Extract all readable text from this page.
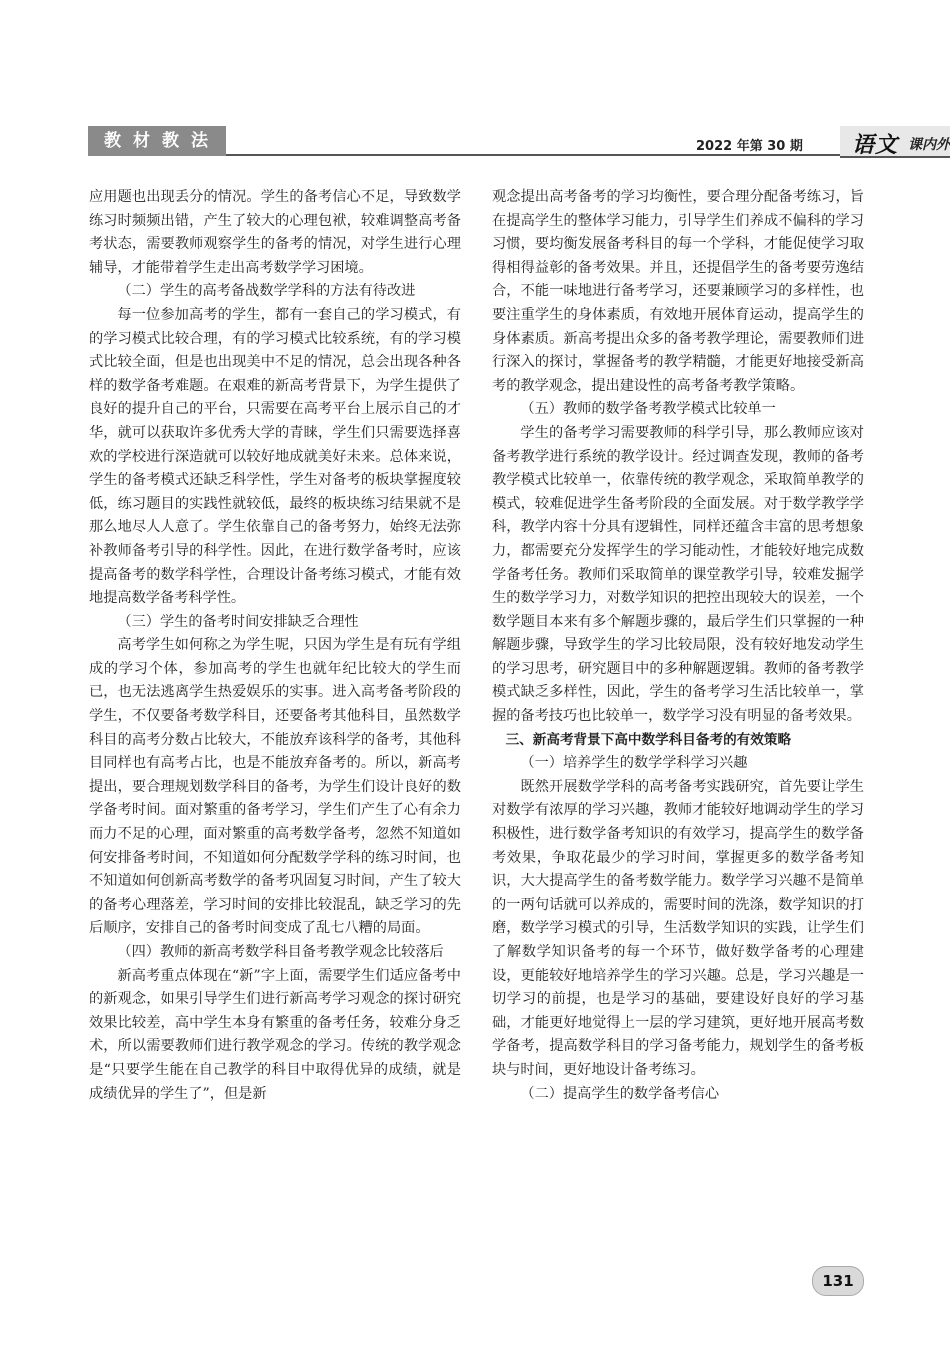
教材教法	2022 年第 30 期 语文 课内外

应用题也出现丢分的情况。学生的备考信心不足，导致数学练习时频频出错，产生了较大的心理包袱，较难调整高考备考状态，需要教师观察学生的备考的情况，对学生进行心理辅导，才能带着学生走出高考数学学习困境。

（二）学生的高考备战数学学科的方法有待改进

每一位参加高考的学生，都有一套自己的学习模式，有的学习模式比较合理，有的学习模式比较系统，有的学习模式比较全面，但是也出现美中不足的情况，总会出现各种各样的数学备考难题。在艰难的新高考背景下，为学生提供了良好的提升自己的平台，只需要在高考平台上展示自己的才华，就可以获取许多优秀大学的青睐，学生们只需要选择喜欢的学校进行深造就可以较好地成就美好未来。总体来说，学生的备考模式还缺乏科学性，学生对备考的板块掌握度较低，练习题目的实践性就较低，最终的板块练习结果就不是那么地尽人人意了。学生依靠自己的备考努力，始终无法弥补教师备考引导的科学性。因此，在进行数学备考时，应该提高备考的数学科学性，合理设计备考练习模式，才能有效地提高数学备考科学性。

（三）学生的备考时间安排缺乏合理性

高考学生如何称之为学生呢，只因为学生是有玩有学组成的学习个体，参加高考的学生也就年纪比较大的学生而已，也无法逃离学生热爱娱乐的实事。进入高考备考阶段的学生，不仅要备考数学科目，还要备考其他科目，虽然数学科目的高考分数占比较大，不能放弃该科学的备考，其他科目同样也有高考占比，也是不能放弃备考的。所以，新高考提出，要合理规划数学科目的备考，为学生们设计良好的数学备考时间。面对繁重的备考学习，学生们产生了心有余力而力不足的心理，面对繁重的高考数学备考，忽然不知道如何安排备考时间，不知道如何分配数学学科的练习时间，也不知道如何创新高考数学的备考巩固复习时间，产生了较大的备考心理落差，学习时间的安排比较混乱，缺乏学习的先后顺序，安排自己的备考时间变成了乱七八糟的局面。

（四）教师的新高考数学科目备考教学观念比较落后

新高考重点体现在“新”字上面，需要学生们适应备考中的新观念，如果引导学生们进行新高考学习观念的探讨研究效果比较差，高中学生本身有繁重的备考任务，较难分身乏术，所以需要教师们进行教学观念的学习。传统的教学观念是“只要学生能在自己教学的科目中取得优异的成绩，就是成绩优异的学生了”，但是新

观念提出高考备考的学习均衡性，要合理分配备考练习，旨在提高学生的整体学习能力，引导学生们养成不偏科的学习习惯，要均衡发展备考科目的每一个学科，才能促使学习取得相得益彰的备考效果。并且，还提倡学生的备考要劳逸结合，不能一味地进行备考学习，还要兼顾学习的多样性，也要注重学生的身体素质，有效地开展体育运动，提高学生的身体素质。新高考提出众多的备考教学理论，需要教师们进行深入的探讨，掌握备考的教学精髓，才能更好地接受新高考的教学观念，提出建设性的高考备考教学策略。

（五）教师的数学备考教学模式比较单一

学生的备考学习需要教师的科学引导，那么教师应该对备考教学进行系统的教学设计。经过调查发现，教师的备考教学模式比较单一，依靠传统的教学观念，采取简单教学的模式，较难促进学生备考阶段的全面发展。对于数学教学学科，教学内容十分具有逻辑性，同样还蕴含丰富的思考想象力，都需要充分发挥学生的学习能动性，才能较好地完成数学备考任务。教师们采取简单的课堂教学引导，较难发掘学生的数学学习力，对数学知识的把控出现较大的误差，一个数学题目本来有多个解题步骤的，最后学生们只掌握的一种解题步骤，导致学生的学习比较局限，没有较好地发动学生的学习思考，研究题目中的多种解题逻辑。教师的备考教学模式缺乏多样性，因此，学生的备考学习生活比较单一，掌握的备考技巧也比较单一，数学学习没有明显的备考效果。

三、新高考背景下高中数学科目备考的有效策略

（一）培养学生的数学学科学习兴趣

既然开展数学学科的高考备考实践研究，首先要让学生对数学有浓厚的学习兴趣，教师才能较好地调动学生的学习积极性，进行数学备考知识的有效学习，提高学生的数学备考效果，争取花最少的学习时间，掌握更多的数学备考知识，大大提高学生的备考数学能力。数学学习兴趣不是简单的一两句话就可以养成的，需要时间的洗涤，数学知识的打磨，数学学习模式的引导，生活数学知识的实践，让学生们了解数学知识备考的每一个环节，做好数学备考的心理建设，更能较好地培养学生的学习兴趣。总是，学习兴趣是一切学习的前提，也是学习的基础，要建设好良好的学习基础，才能更好地觉得上一层的学习建筑，更好地开展高考数学备考，提高数学科目的学习备考能力，规划学生的备考板块与时间，更好地设计备考练习。

（二）提高学生的数学备考信心

131
